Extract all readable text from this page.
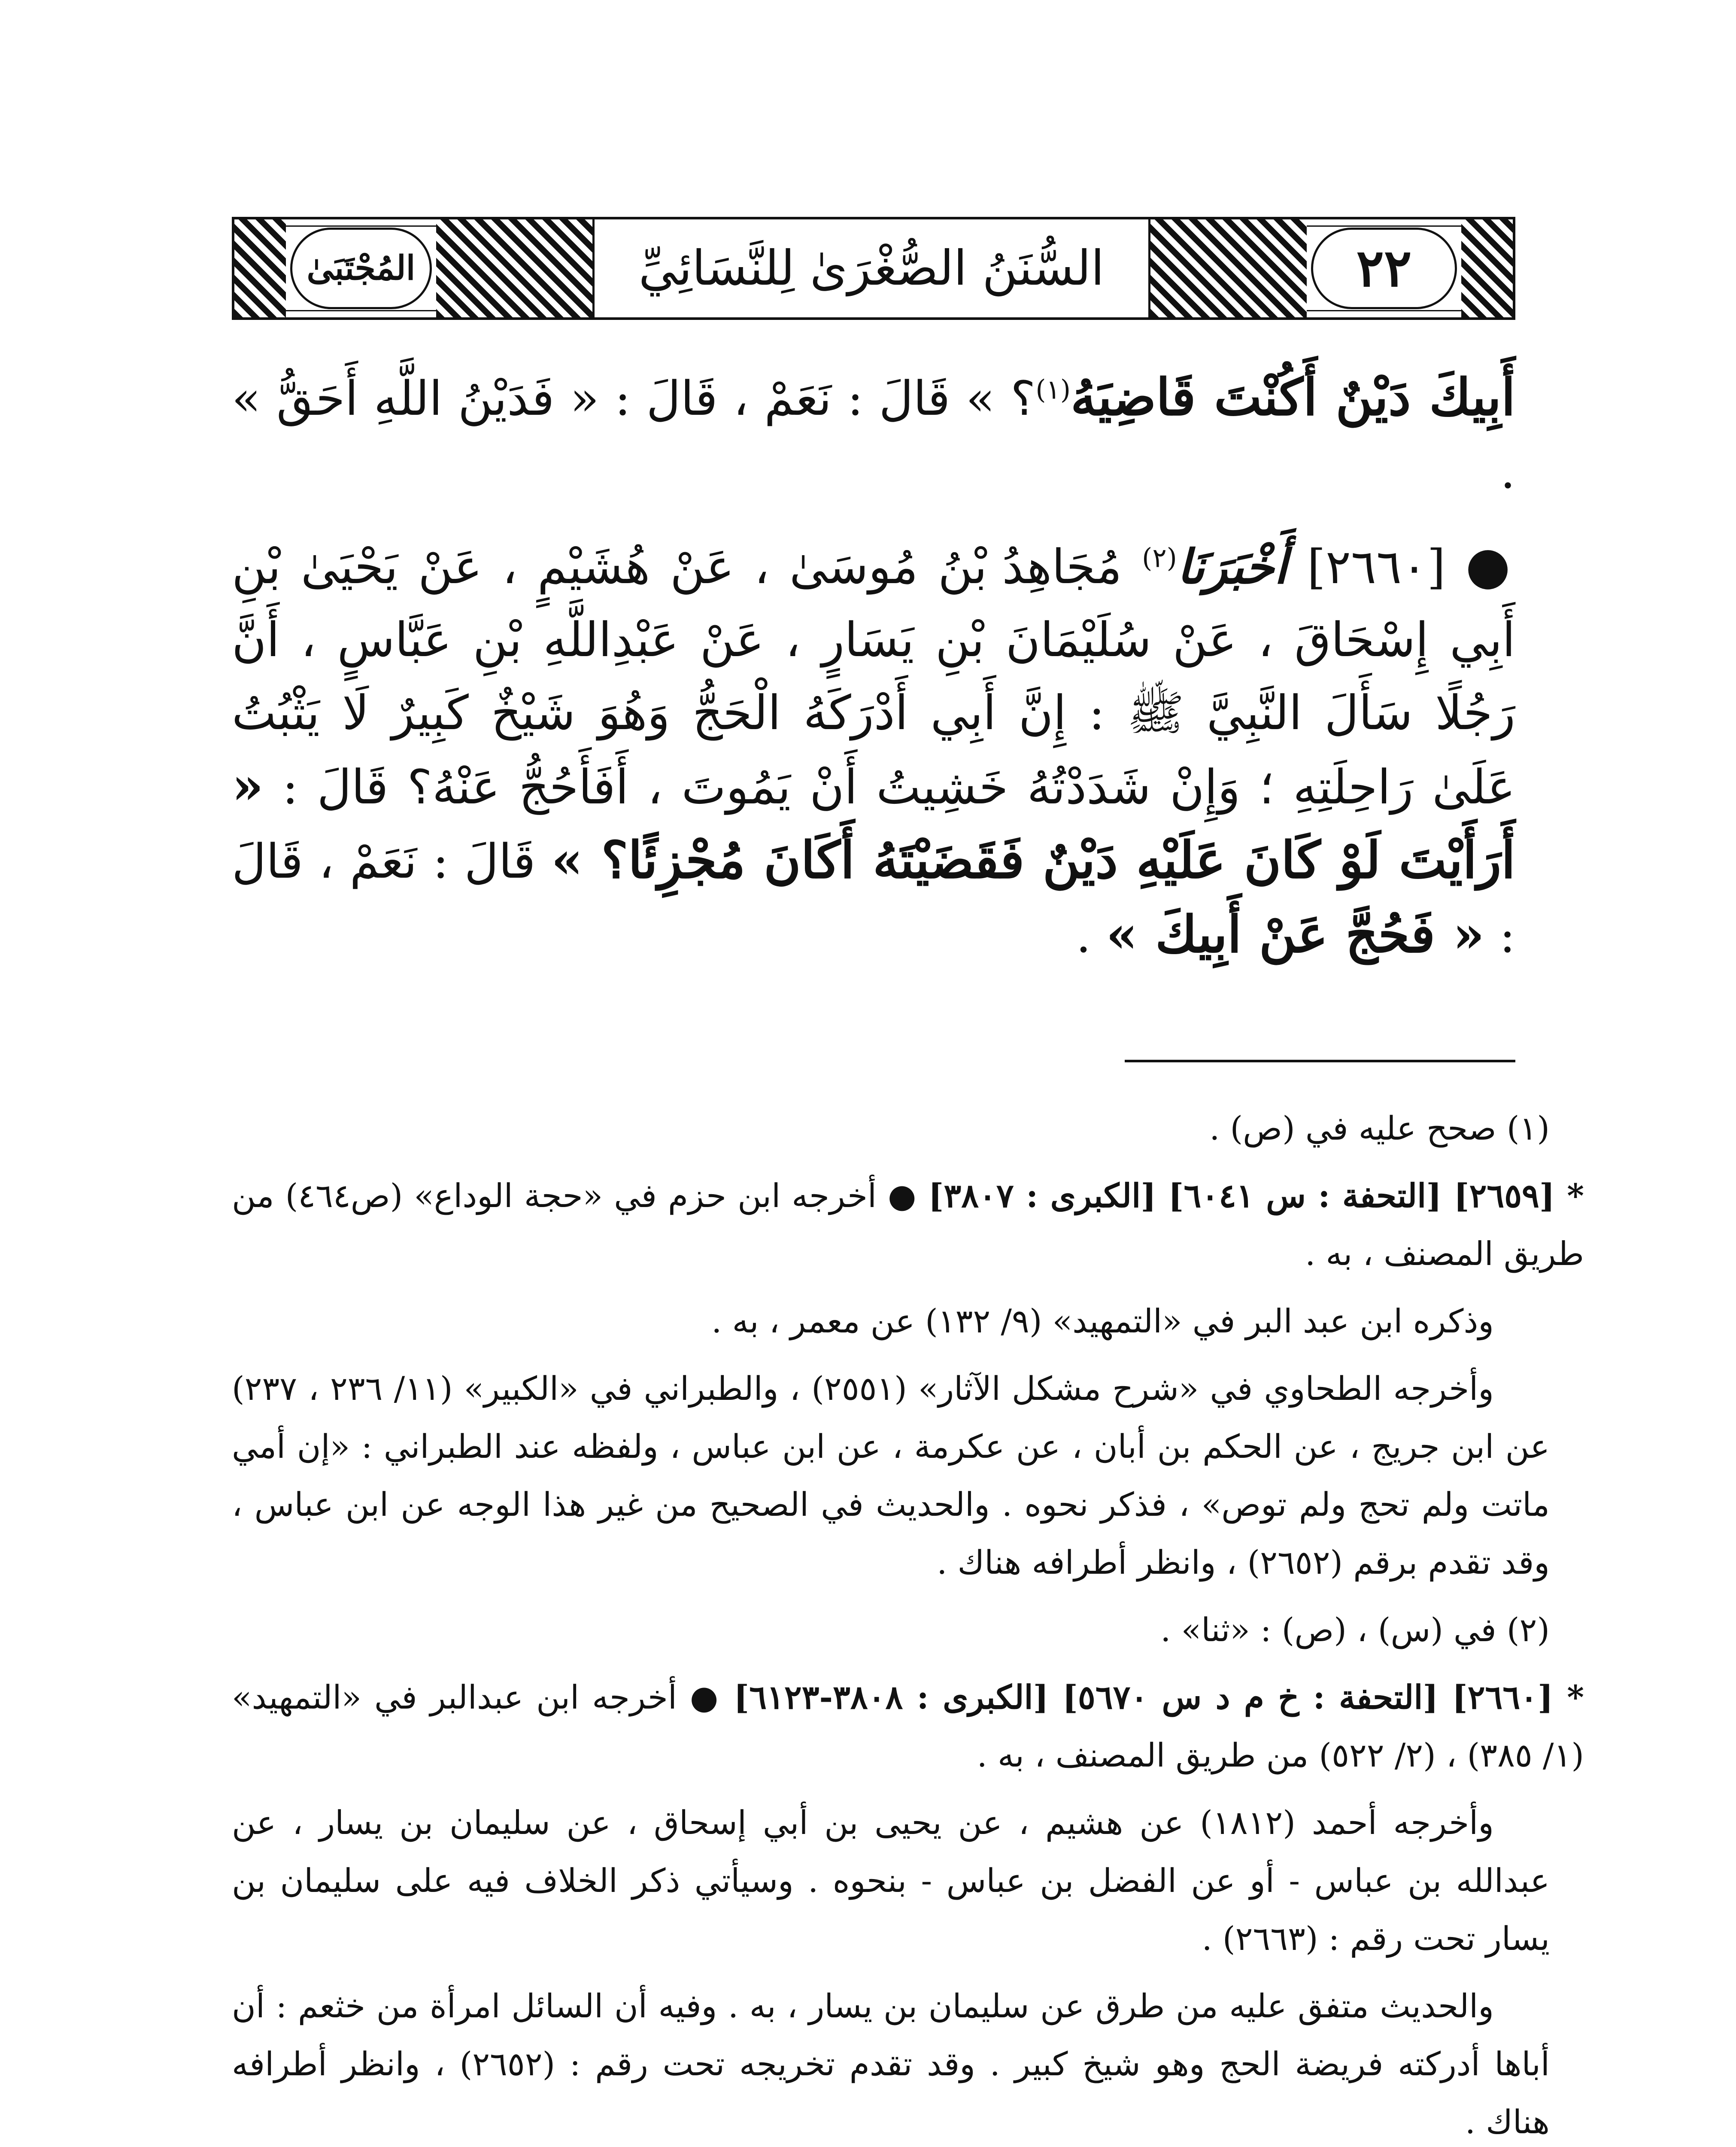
٢٢
السُّنَنُ الصُّغْرَىٰ لِلنَّسَائِيِّ
المُجْتَبَىٰ

أَبِيكَ دَيْنٌ أَكُنْتَ قَاضِيَهُ$^{(١)}$؟ » قَالَ : نَعَمْ ، قَالَ : « فَدَيْنُ اللَّهِ أَحَقُّ » .

● [٢٦٦٠] أَخْبَرَنَا$^{(٢)}$ مُجَاهِدُ بْنُ مُوسَىٰ ، عَنْ هُشَيْمٍ ، عَنْ يَحْيَىٰ بْنِ أَبِي إِسْحَاقَ ، عَنْ سُلَيْمَانَ بْنِ يَسَارٍ ، عَنْ عَبْدِاللَّهِ بْنِ عَبَّاسٍ ، أَنَّ رَجُلًا سَأَلَ النَّبِيَّ ﷺ : إِنَّ أَبِي أَدْرَكَهُ الْحَجُّ وَهُوَ شَيْخٌ كَبِيرٌ لَا يَثْبُتُ عَلَىٰ رَاحِلَتِهِ ؛ وَإِنْ شَدَدْتُهُ خَشِيتُ أَنْ يَمُوتَ ، أَفَأَحُجُّ عَنْهُ؟ قَالَ : « أَرَأَيْتَ لَوْ كَانَ عَلَيْهِ دَيْنٌ فَقَضَيْتَهُ أَكَانَ مُجْزِئًا؟ » قَالَ : نَعَمْ ، قَالَ : « فَحُجَّ عَنْ أَبِيكَ » .

(١) صحح عليه في (ص) .

* [٢٦٥٩] [التحفة : س ٦٠٤١] [الكبرى : ٣٨٠٧] ● أخرجه ابن حزم في «حجة الوداع» (ص٤٦٤) من طريق المصنف ، به .

وذكره ابن عبد البر في «التمهيد» (٩/ ١٣٢) عن معمر ، به .

وأخرجه الطحاوي في «شرح مشكل الآثار» (٢٥٥١) ، والطبراني في «الكبير» (١١/ ٢٣٦ ، ٢٣٧) عن ابن جريج ، عن الحكم بن أبان ، عن عكرمة ، عن ابن عباس ، ولفظه عند الطبراني : «إن أمي ماتت ولم تحج ولم توص» ، فذكر نحوه . والحديث في الصحيح من غير هذا الوجه عن ابن عباس ، وقد تقدم برقم (٢٦٥٢) ، وانظر أطرافه هناك .

(٢) في (س) ، (ص) : «ثنا» .

* [٢٦٦٠] [التحفة : خ م د س ٥٦٧٠] [الكبرى : ٣٨٠٨-٦١٢٣] ● أخرجه ابن عبدالبر في «التمهيد» (١/ ٣٨٥) ، (٢/ ٥٢٢) من طريق المصنف ، به .

وأخرجه أحمد (١٨١٢) عن هشيم ، عن يحيى بن أبي إسحاق ، عن سليمان بن يسار ، عن عبدالله بن عباس - أو عن الفضل بن عباس - بنحوه . وسيأتي ذكر الخلاف فيه على سليمان بن يسار تحت رقم : (٢٦٦٣) .

والحديث متفق عليه من طرق عن سليمان بن يسار ، به . وفيه أن السائل امرأة من خثعم : أن أباها أدركته فريضة الحج وهو شيخ كبير . وقد تقدم تخريجه تحت رقم : (٢٦٥٢) ، وانظر أطرافه هناك .
